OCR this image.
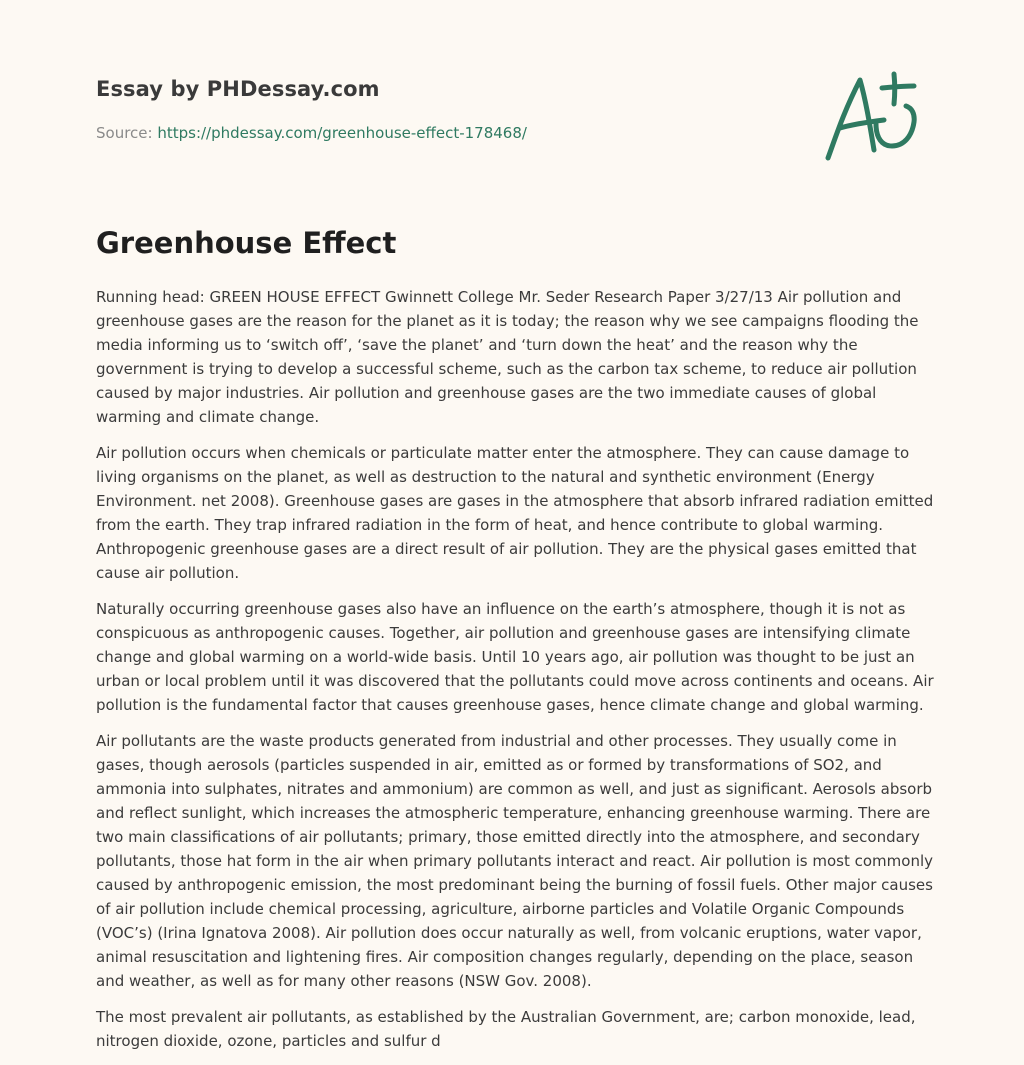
Essay by PHDessay.com

Source: https://phdessay.com/greenhouse-effect-178468/

Greenhouse Effect

Running head: GREEN HOUSE EFFECT Gwinnett College Mr. Seder Research Paper 3/27/13 Air pollution and greenhouse gases are the reason for the planet as it is today; the reason why we see campaigns flooding the media informing us to ‘switch off’, ‘save the planet’ and ‘turn down the heat’ and the reason why the government is trying to develop a successful scheme, such as the carbon tax scheme, to reduce air pollution caused by major industries. Air pollution and greenhouse gases are the two immediate causes of global warming and climate change.

Air pollution occurs when chemicals or particulate matter enter the atmosphere. They can cause damage to living organisms on the planet, as well as destruction to the natural and synthetic environment (Energy Environment. net 2008). Greenhouse gases are gases in the atmosphere that absorb infrared radiation emitted from the earth. They trap infrared radiation in the form of heat, and hence contribute to global warming. Anthropogenic greenhouse gases are a direct result of air pollution. They are the physical gases emitted that cause air pollution.

Naturally occurring greenhouse gases also have an influence on the earth’s atmosphere, though it is not as conspicuous as anthropogenic causes. Together, air pollution and greenhouse gases are intensifying climate change and global warming on a world-wide basis. Until 10 years ago, air pollution was thought to be just an urban or local problem until it was discovered that the pollutants could move across continents and oceans. Air pollution is the fundamental factor that causes greenhouse gases, hence climate change and global warming.

Air pollutants are the waste products generated from industrial and other processes. They usually come in gases, though aerosols (particles suspended in air, emitted as or formed by transformations of SO2, and ammonia into sulphates, nitrates and ammonium) are common as well, and just as significant. Aerosols absorb and reflect sunlight, which increases the atmospheric temperature, enhancing greenhouse warming. There are two main classifications of air pollutants; primary, those emitted directly into the atmosphere, and secondary pollutants, those hat form in the air when primary pollutants interact and react. Air pollution is most commonly caused by anthropogenic emission, the most predominant being the burning of fossil fuels. Other major causes of air pollution include chemical processing, agriculture, airborne particles and Volatile Organic Compounds (VOC’s) (Irina Ignatova 2008). Air pollution does occur naturally as well, from volcanic eruptions, water vapor, animal resuscitation and lightening fires. Air composition changes regularly, depending on the place, season and weather, as well as for many other reasons (NSW Gov. 2008).

The most prevalent air pollutants, as established by the Australian Government, are; carbon monoxide, lead, nitrogen dioxide, ozone, particles and sulfur d
